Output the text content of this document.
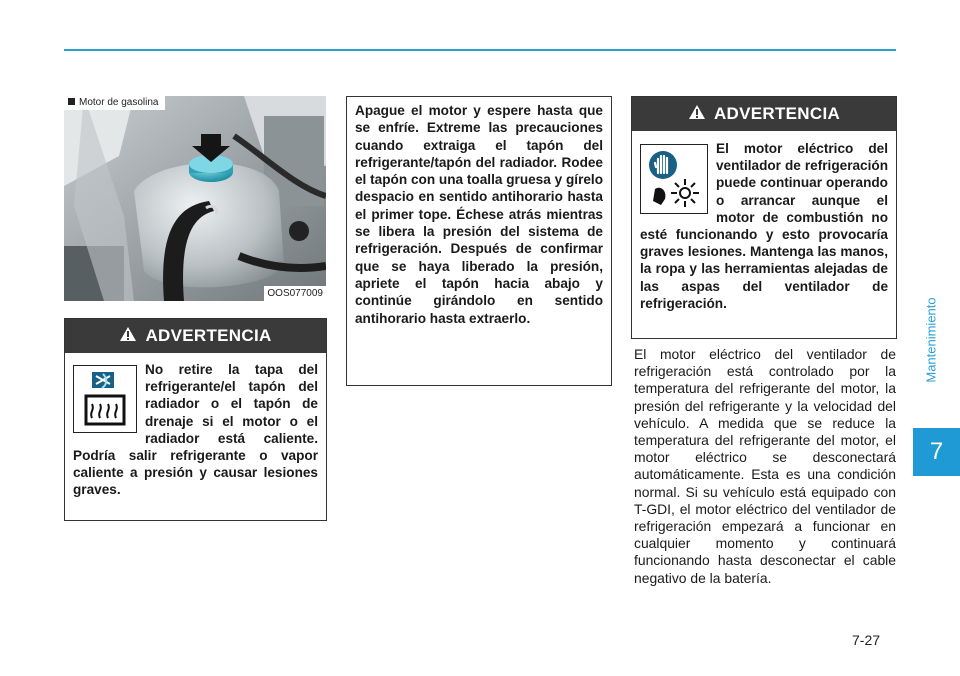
Mantenimiento
7
Motor de gasolina
OOS077009
ADVERTENCIA
No retire la tapa del refrigerante/el tapón del radiador o el tapón de drenaje si el motor o el radiador está caliente. Podría salir refrigerante o vapor caliente a presión y causar lesiones graves.
Apague el motor y espere hasta que se enfríe. Extreme las precauciones cuando extraiga el tapón del refrigerante/tapón del radiador. Rodee el tapón con una toalla gruesa y gírelo despacio en sentido antihorario hasta el primer tope. Échese atrás mientras se libera la presión del sistema de refrigeración. Después de confirmar que se haya liberado la presión, apriete el tapón hacia abajo y continúe girándolo en sentido antihorario hasta extraerlo.
ADVERTENCIA
El motor eléctrico del ventilador de refrigeración puede continuar operando o arrancar aunque el motor de combustión no esté funcionando y esto provocaría graves lesiones. Mantenga las manos, la ropa y las herramientas alejadas de las aspas del ventilador de refrigeración.
El motor eléctrico del ventilador de refrigeración está controlado por la temperatura del refrigerante del motor, la presión del refrigerante y la velocidad del vehículo. A medida que se reduce la temperatura del refrigerante del motor, el motor eléctrico se desconectará automáticamente. Esta es una condición normal. Si su vehículo está equipado con T-GDI, el motor eléctrico del ventilador de refrigeración empezará a funcionar en cualquier momento y continuará funcionando hasta desconectar el cable negativo de la batería.
7-27
